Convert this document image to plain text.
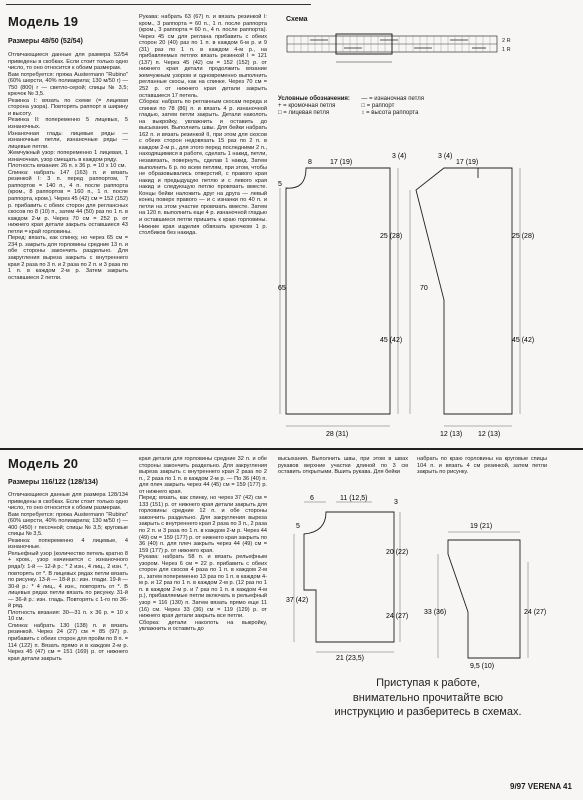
Модель 19
Размеры 48/50 (52/54)

Отличающиеся данные для размера 52/54 приведены в скобках. Если стоит только одно число, то оно относится к обоим размерам.

Вам потребуется: пряжа Austermann "Rubino" (60% шерсти, 40% полиакрила; 130 м/50 г) — 750 (800) г — светло-серой; спицы № 3,5; крючок № 3,5.

Резинка I: вязать по схеме (= лицевая сторона узора). Повторять раппорт в ширину и высоту.

Резинка II: попеременно 5 лицевых, 5 изнаночных.

Изнаночная гладь: лицевые ряды — изнаночные петли, изнаночные ряды — лицевые петли.

Жемчужный узор: попеременно 1 лицевая, 1 изначочная, узор смещать в каждом ряду.

Плотность вязания: 26 п. х 36 р. = 10 х 10 см.

Спинка: набрать 147 (163) п. и вязать резинкой I: 3 п. перед раппортом, 7 раппортов = 140 п., 4 п. после раппорта (кром., 8 раппортов = 160 п., 1 п. после раппорта, кром.). Через 45 (42) см = 152 (152) р. прибавить с обеих сторон для реглансных скосов по 8 (10) п., затем 44 (50) раз по 1 п. в каждом 2-м р. Через 70 см = 252 р. от нижнего края детали закрыть оставшиеся 43 петли = край горловины.

Перед: вязать, как спинку, но через 65 см = 234 р. закрыть для горловины средние 13 п. и обе стороны закончить раздельно. Для закругления выреза закрыть с внутреннего края 2 раза по 3 п. и 2 раза по 2 п. и 3 раза по 1 п. в каждом 2-м р. Затем закрыть оставшиеся 2 петли.

Рукава: набрать 63 (67) п. и вязать резинкой I: кром., 3 раппорта = 60 п., 1 п. после раппорта (кром., 3 раппорта = 60 п., 4 п. после раппорта). Через 45 см для реглана прибавить с обеих сторон 20 (40) раз по 1 п. в каждом 6-м р. и 9 (31) раз по 1 п. в каждом 4-м р., на прибавляемых петлях вязать резинкой I = 121 (137) п. Через 45 (42) см = 152 (152) р. от нижнего края детали продолжить вязание жемчужным узором и одновременно выполнить регланные скосы, как на спинке. Через 70 см = 252 р. от нижнего края детали закрыть оставшиеся 17 петель.

Сборка: набрать по регланным скосам переда и спинки по 78 (86) п. и вязать 4 р. изнаночной гладью, затем петли закрыть. Детали наколоть на выкройку, увлажнить и оставить до высыхания. Выполнить швы. Для бейки набрать 162 п. и вязать резинкой II, при этом для скосов с обеих сторон недовязать 15 раз по 2 п. в каждом 2-м р., для этого перед последними 2 п., находящимися в работе, сделать 1 накид, петли, незавязать, повернуть, сделав 1 накид. Затем выполнить 6 р. по всем петлям, при этом, чтобы не образовывались отверстий, с правого края накид и предыдущую петлю и с левого края накид и следующую петлю провязать вместе. Концы бейки наложить друг на друга — левый конец поверх правого — и с изнанки по 40 п. и петли на этом участке провязать вместе. Затем на 120 п. выполнить еще 4 р. изнаночной гладью и оставшиеся петли пришить к краю горловины. Нижние края изделия обвязать крючком 1 р. столбиков без накида.

Схема
2 R
1 R
Условные обозначения:
+ = кромочная петля
□ = лицевая петля
— = изнаночная петля
□ = раппорт
↕ = высота раппорта
8	17 (19)
3 (4)
5
25 (28)
65
45 (42)
28 (31)
3 (4)
17 (19)
25 (28)
70
45 (42)
12 (13) 12 (13)
Модель 20
Размеры 116/122 (128/134)

Отличающиеся данные для размера 128/134 приведены в скобках. Если стоит только одно число, то оно относится к обоим размерам.

Вам потребуется: пряжа Austermann "Rubino" (60% шерсти, 40% полиакрила; 130 м/50 г) — 400 (450) г песочной; спицы № 3,5; круговые спицы № 3,5.

Резинка: попеременно 4 лицевые, 4 изнаночные.

Рельефный узор (количество петель кратно 8 + кром., узор начинается с изнаночного ряда!): 1-й — 12-й р.: * 2 изн., 4 лиц., 2 изн. *, повторять от *. В лицевых рядах петли вязать по рисунку. 13-й — 18-й р.: изн. глади. 19-й — 30-й р.: * 4 лиц., 4 изн., повторять от *. В лицевых рядах петли вязать по рисунку. 31-й — 36-й р.: изн. гладь. Повторять с 1-го по 36-й ряд.

Плотность вязания: 30—31 п. х 36 р. = 10 х 10 см.

Спинка: набрать 130 (138) п. и вязать резинкой. Через 24 (27) см = 85 (97) р. прибавить с обеих сторон для пройм по 8 п. = 114 (122) п. Вязать прямо и в каждом 2-м р. Через 45 (47) см = 151 (169) р. от нижнего края детали закрыть

края детали для горловины средние 32 п. и обе стороны закончить раздельно. Для закругления выреза закрыть с внутреннего края 2 раза по 2 п., 2 раза по 1 п. в каждом 2-м р. — По 36 (40) п. для плеч закрыть через 44 (45) см = 159 (177) р. от нижнего края.

Перед: вязать, как спинку, но через 37 (42) см = 133 (151) р. от нижнего края детали закрыть для горловины средние 12 п. и обе стороны закончить раздельно. Для закругления выреза закрыть с внутреннего края 2 раза по 3 п., 2 раза по 2 п. и 3 раза по 1 п. в каждом 2-м р. Через 44 (49) см = 159 (177) р. от нижнего края закрыть по 36 (40) п. для плеч закрыть через 44 (49) см = 159 (177) р. от нижнего края.

Рукава: набрать 58 п. и вязать рельефным узором. Через 6 см = 22 р. прибавить с обеих сторон для скосов 4 раза по 1 п. в каждом 2-м р., затем попеременно 13 раз по 1 п. в каждом 4-м р. и 12 раз по 1 п. в каждом 2-м р. (12 раз по 1 п. в каждом 2-м р. и 7 раз по 1 п. в каждом 4-м р.), прибавляемые петли включать в рельефный узор = 116 (130) п. Затем вязать прямо еще 11 (16) см. Через 33 (36) см = 119 (129) р. от нижнего края детали закрыть все петли.

Сборка: детали наколоть на выкройку, увлажнить и оставить до

высыхания. Выполнить швы, при этом в швах рукавов верхние участки длиной по 3 см оставить открытыми. Вшить рукава. Для бейки

набрать по краю горловины на круговые спицы 104 п. и вязать 4 см резинкой, затем петли закрыть по рисунку.

6	11 (12,5)
3
5
20 (22)
37 (42)
24 (27)
21 (23,5)
19 (21)
33 (36)	24 (27)
9,5 (10)
Приступая к работе,
внимательно прочитайте всю
инструкцию и разберитесь в схемах.
9/97 VERENA 41
